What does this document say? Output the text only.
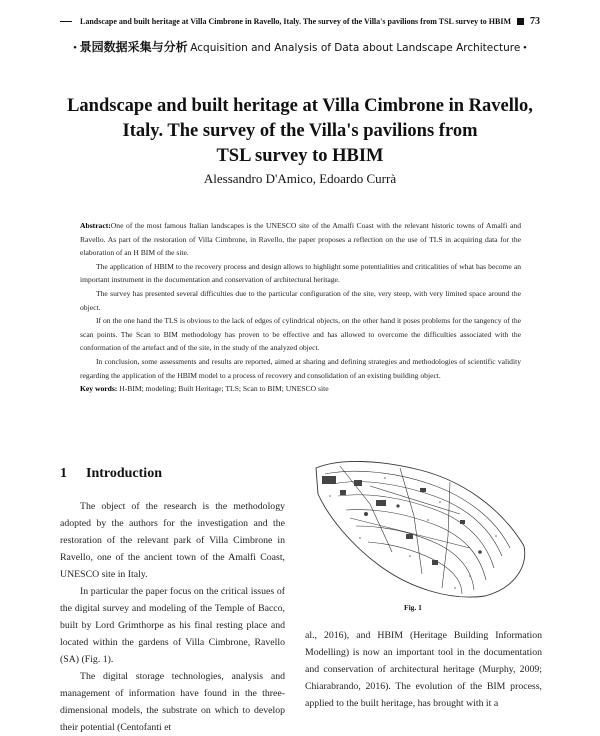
Landscape and built heritage at Villa Cimbrone in Ravello, Italy. The survey of the Villa's pavilions from TSL survey to HBIM 73
• 景园数据采集与分析 Acquisition and Analysis of Data about Landscape Architecture •
Landscape and built heritage at Villa Cimbrone in Ravello,
Italy. The survey of the Villa's pavilions from
TSL survey to HBIM
Alessandro D'Amico, Edoardo Currà

Abstract:One of the most famous Italian landscapes is the UNESCO site of the Amalfi Coast with the relevant historic towns of Amalfi and Ravello. As part of the restoration of Villa Cimbrone, in Ravello, the paper proposes a reflection on the use of TLS in acquiring data for the elaboration of an H BIM of the site.

The application of HBIM to the recovery process and design allows to highlight some potentialities and criticalities of what has become an important instrument in the documentation and conservation of architectural heritage.

The survey has presented several difficulties due to the particular configuration of the site, very steep, with very limited space around the object.

If on the one hand the TLS is obvious to the lack of edges of cylindrical objects, on the other hand it poses problems for the tangency of the scan points. The Scan to BIM methodology has proven to be effective and has allowed to overcome the difficulties associated with the conformation of the artefact and of the site, in the study of the analyzed object.

In conclusion, some assessments and results are reported, aimed at sharing and defining strategies and methodologies of scientific validity regarding the application of the HBIM model to a process of recovery and consolidation of an existing building object.

Key words: H-BIM; modeling; Built Heritage; TLS; Scan to BIM; UNESCO site

1 Introduction

The object of the research is the methodology adopted by the authors for the investigation and the restoration of the relevant park of Villa Cimbrone in Ravello, one of the ancient town of the Amalfi Coast, UNESCO site in Italy.

In particular the paper focus on the critical issues of the digital survey and modeling of the Temple of Bacco, built by Lord Grimthorpe as his final resting place and located within the gardens of Villa Cimbrone, Ravello (SA) (Fig. 1).

The digital storage technologies, analysis and management of information have found in the three-dimensional models, the substrate on which to develop their potential (Centofanti et

Fig. 1

al., 2016), and HBIM (Heritage Building Information Modelling) is now an important tool in the documentation and conservation of architectural heritage (Murphy, 2009; Chiarabrando, 2016). The evolution of the BIM process, applied to the built heritage, has brought with it a
